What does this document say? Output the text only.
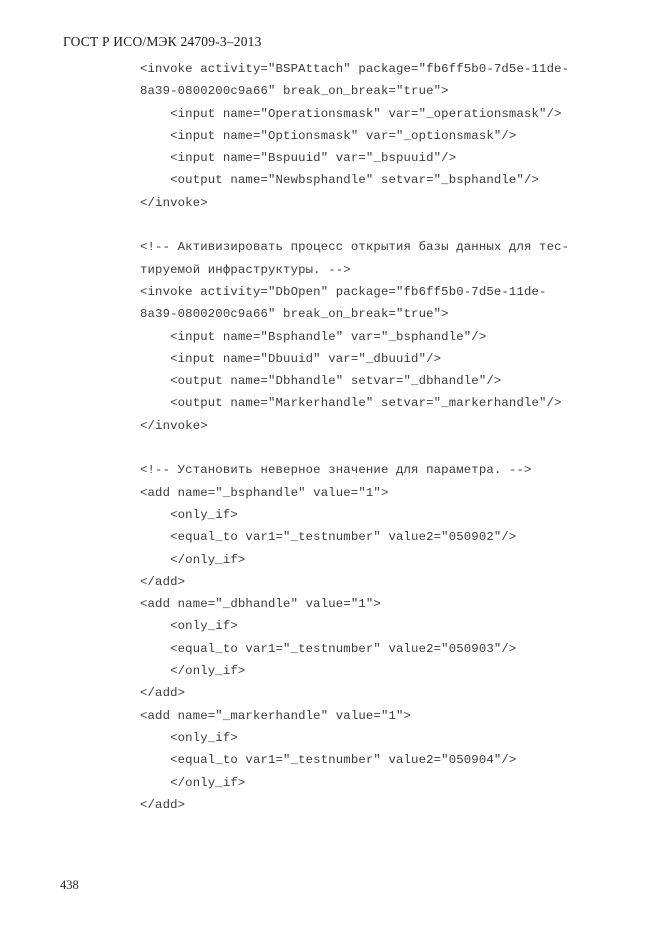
ГОСТ Р ИСО/МЭК 24709-3–2013
<invoke activity="BSPAttach" package="fb6ff5b0-7d5e-11de-
8a39-0800200c9a66" break_on_break="true">
<input name="Operationsmask" var="_operationsmask"/>
<input name="Optionsmask" var="_optionsmask"/>
<input name="Bspuuid" var="_bspuuid"/>
<output name="Newbsphandle" setvar="_bsphandle"/>
</invoke>
<!-- Активизировать процесс открытия базы данных для тес-
тируемой инфраструктуры. -->
<invoke activity="DbOpen" package="fb6ff5b0-7d5e-11de-
8a39-0800200c9a66" break_on_break="true">
<input name="Bsphandle" var="_bsphandle"/>
<input name="Dbuuid" var="_dbuuid"/>
<output name="Dbhandle" setvar="_dbhandle"/>
<output name="Markerhandle" setvar="_markerhandle"/>
</invoke>
<!-- Установить неверное значение для параметра. -->
<add name="_bsphandle" value="1">
<only_if>
<equal_to var1="_testnumber" value2="050902"/>
</only_if>
</add>
<add name="_dbhandle" value="1">
<only_if>
<equal_to var1="_testnumber" value2="050903"/>
</only_if>
</add>
<add name="_markerhandle" value="1">
<only_if>
<equal_to var1="_testnumber" value2="050904"/>
</only_if>
</add>
438
